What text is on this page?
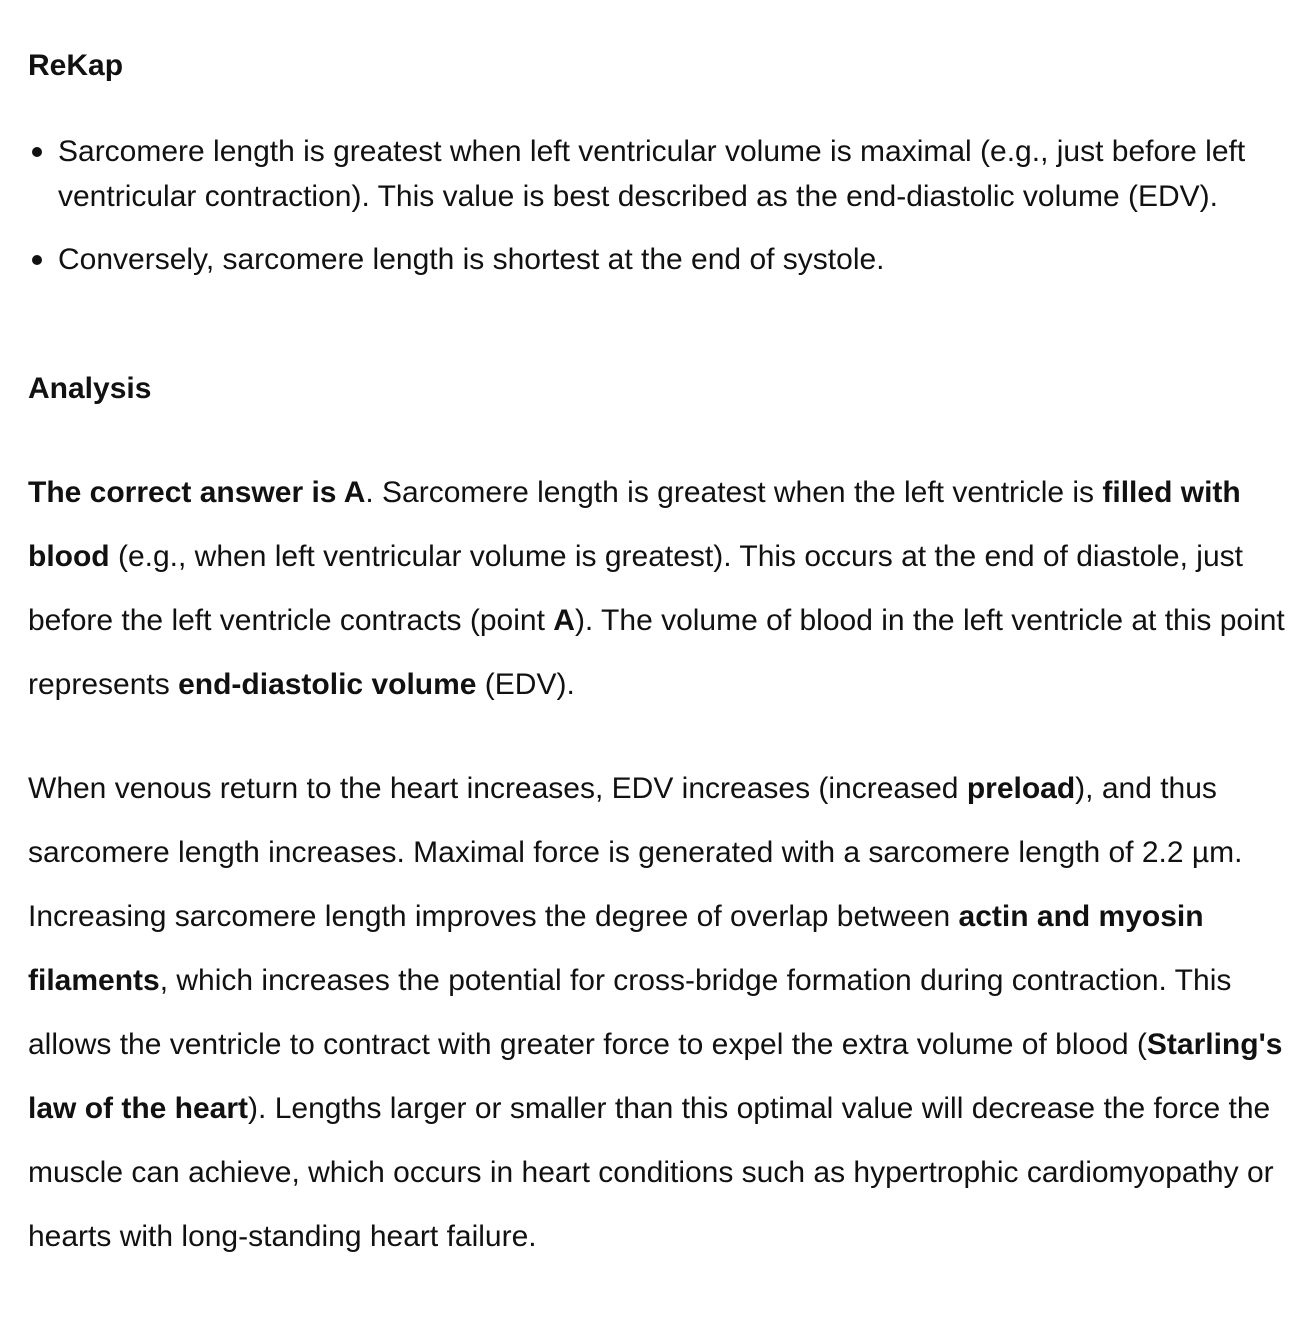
ReKap
Sarcomere length is greatest when left ventricular volume is maximal (e.g., just before left ventricular contraction). This value is best described as the end-diastolic volume (EDV).
Conversely, sarcomere length is shortest at the end of systole.
Analysis

The correct answer is A. Sarcomere length is greatest when the left ventricle is filled with blood (e.g., when left ventricular volume is greatest). This occurs at the end of diastole, just before the left ventricle contracts (point A). The volume of blood in the left ventricle at this point represents end-diastolic volume (EDV).

When venous return to the heart increases, EDV increases (increased preload), and thus sarcomere length increases. Maximal force is generated with a sarcomere length of 2.2 µm. Increasing sarcomere length improves the degree of overlap between actin and myosin filaments, which increases the potential for cross-bridge formation during contraction. This allows the ventricle to contract with greater force to expel the extra volume of blood (Starling's law of the heart). Lengths larger or smaller than this optimal value will decrease the force the muscle can achieve, which occurs in heart conditions such as hypertrophic cardiomyopathy or hearts with long-standing heart failure.
